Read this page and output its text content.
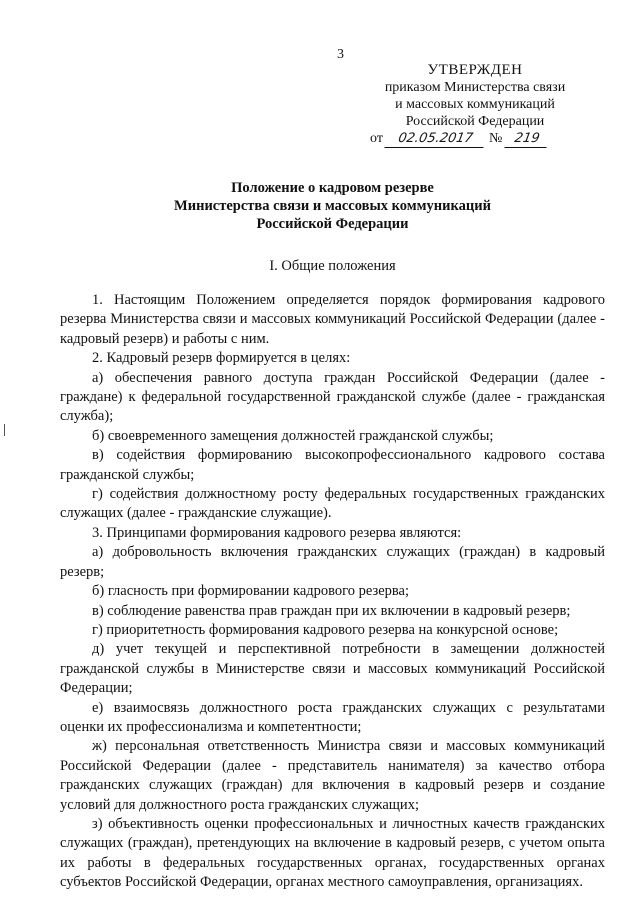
3
УТВЕРЖДЕН
приказом Министерства связи
и массовых коммуникаций
Российской Федерации
от 02.05.2017 № 219
Положение о кадровом резерве
Министерства связи и массовых коммуникаций
Российской Федерации
I. Общие положения

1. Настоящим Положением определяется порядок формирования кадрового резерва Министерства связи и массовых коммуникаций Российской Федерации (далее - кадровый резерв) и работы с ним.

2. Кадровый резерв формируется в целях:

а) обеспечения равного доступа граждан Российской Федерации (далее - граждане) к федеральной государственной гражданской службе (далее - гражданская служба);

б) своевременного замещения должностей гражданской службы;

в) содействия формированию высокопрофессионального кадрового состава гражданской службы;

г) содействия должностному росту федеральных государственных гражданских служащих (далее - гражданские служащие).

3. Принципами формирования кадрового резерва являются:

а) добровольность включения гражданских служащих (граждан) в кадровый резерв;

б) гласность при формировании кадрового резерва;

в) соблюдение равенства прав граждан при их включении в кадровый резерв;

г) приоритетность формирования кадрового резерва на конкурсной основе;

д) учет текущей и перспективной потребности в замещении должностей гражданской службы в Министерстве связи и массовых коммуникаций Российской Федерации;

е) взаимосвязь должностного роста гражданских служащих с результатами оценки их профессионализма и компетентности;

ж) персональная ответственность Министра связи и массовых коммуникаций Российской Федерации (далее - представитель нанимателя) за качество отбора гражданских служащих (граждан) для включения в кадровый резерв и создание условий для должностного роста гражданских служащих;

з) объективность оценки профессиональных и личностных качеств гражданских служащих (граждан), претендующих на включение в кадровый резерв, с учетом опыта их работы в федеральных государственных органах, государственных органах субъектов Российской Федерации, органах местного самоуправления, организациях.
